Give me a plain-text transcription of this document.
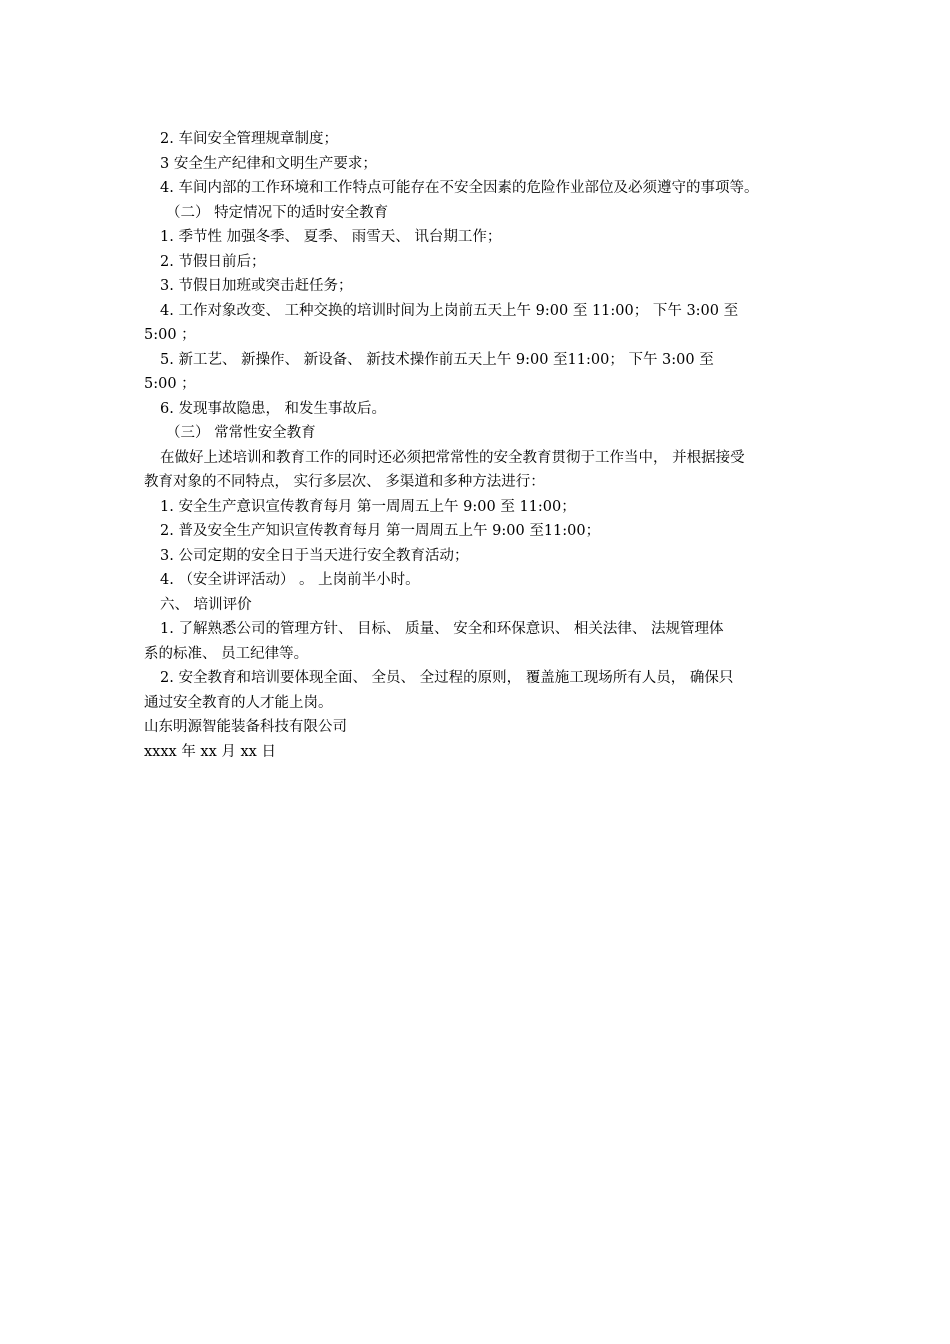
2. 车间安全管理规章制度；
3 安全生产纪律和文明生产要求；
4. 车间内部的工作环境和工作特点可能存在不安全因素的危险作业部位及必须遵守的事项等。
（二） 特定情况下的适时安全教育
1. 季节性 加强冬季、 夏季、 雨雪天、 讯台期工作；
2. 节假日前后；
3. 节假日加班或突击赶任务；
4. 工作对象改变、 工种交换的培训时间为上岗前五天上午 9:00 至 11:00； 下午 3:00 至
5:00 ；
5. 新工艺、 新操作、 新设备、 新技术操作前五天上午 9:00 至11:00； 下午 3:00 至
5:00 ；
6. 发现事故隐患， 和发生事故后。
（三） 常常性安全教育
在做好上述培训和教育工作的同时还必须把常常性的安全教育贯彻于工作当中， 并根据接受
教育对象的不同特点， 实行多层次、 多渠道和多种方法进行：
1. 安全生产意识宣传教育每月 第一周周五上午 9:00 至 11:00；
2. 普及安全生产知识宣传教育每月 第一周周五上午 9:00 至11:00；
3. 公司定期的安全日于当天进行安全教育活动；
4. （安全讲评活动） 。 上岗前半小时。
六、 培训评价
1. 了解熟悉公司的管理方针、 目标、 质量、 安全和环保意识、 相关法律、 法规管理体
系的标准、 员工纪律等。
2. 安全教育和培训要体现全面、 全员、 全过程的原则， 覆盖施工现场所有人员， 确保只
通过安全教育的人才能上岗。
山东明源智能装备科技有限公司
xxxx 年 xx 月 xx 日
